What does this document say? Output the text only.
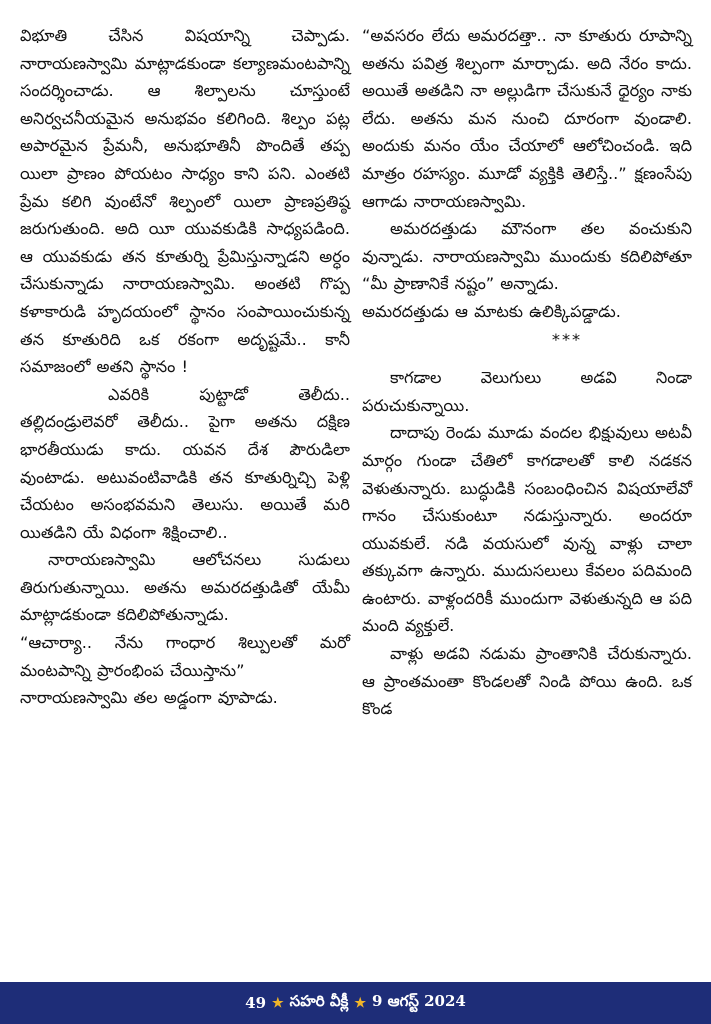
విభూతి చేసిన విషయాన్ని చెప్పాడు. నారాయణస్వామి మాట్లాడకుండా కల్యాణమంటపాన్ని సందర్శించాడు. ఆ శిల్పాలను చూస్తుంటే అనిర్వచనీయమైన అనుభవం కలిగింది. శిల్పం పట్ల అపారమైన ప్రేమనీ, అనుభూతినీ పొందితే తప్ప యిలా ప్రాణం పోయటం సాధ్యం కాని పని. ఎంతటి ప్రేమ కలిగి వుంటేనో శిల్పంలో యిలా ప్రాణప్రతిష్ఠ జరుగుతుంది. అది యీ యువకుడికి సాధ్యపడింది. ఆ యువకుడు తన కూతుర్ని ప్రేమిస్తున్నాడని అర్ధం చేసుకున్నాడు నారాయణస్వామి. అంతటి గొప్ప కళాకారుడి హృదయంలో స్థానం సంపాయించుకున్న తన కూతురిది ఒక రకంగా అదృష్టమే.. కానీ సమాజంలో అతని స్థానం !

ఎవరికి పుట్టాడో తెలీదు.. తల్లిదండ్రులెవరో తెలీదు.. పైగా అతను దక్షిణ భారతీయుడు కాదు. యవన దేశ పౌరుడిలా వుంటాడు. అటువంటివాడికి తన కూతుర్నిచ్చి పెళ్లి చేయటం అసంభవమని తెలుసు. అయితే మరి యితడిని యే విధంగా శిక్షించాలి..

నారాయణస్వామి ఆలోచనలు సుడులు తిరుగుతున్నాయి. అతను అమరదత్తుడితో యేమీ మాట్లాడకుండా కదిలిపోతున్నాడు.

“ఆచార్యా.. నేను గాంధార శిల్పులతో మరో మంటపాన్ని ప్రారంభింప చేయిస్తాను”

నారాయణస్వామి తల అడ్డంగా వూపాడు.

“అవసరం లేదు అమరదత్తా.. నా కూతురు రూపాన్ని అతను పవిత్ర శిల్పంగా మార్చాడు. అది నేరం కాదు. అయితే అతడిని నా అల్లుడిగా చేసుకునే ధైర్యం నాకు లేదు. అతను మన నుంచి దూరంగా వుండాలి. అందుకు మనం యేం చేయాలో ఆలోచించండి. ఇది మాత్రం రహస్యం. మూడో వ్యక్తికి తెలిస్తే..” క్షణంసేపు ఆగాడు నారాయణస్వామి.

అమరదత్తుడు మౌనంగా తల వంచుకుని వున్నాడు. నారాయణస్వామి ముందుకు కదిలిపోతూ “మీ ప్రాణానికే నష్టం” అన్నాడు.

అమరదత్తుడు ఆ మాటకు ఉలిక్కిపడ్డాడు.

***

కాగడాల వెలుగులు అడవి నిండా పరుచుకున్నాయి.

దాదాపు రెండు మూడు వందల భిక్షువులు అటవీ మార్గం గుండా చేతిలో కాగడాలతో కాలి నడకన వెళుతున్నారు. బుద్ధుడికి సంబంధించిన విషయాలేవో గానం చేసుకుంటూ నడుస్తున్నారు. అందరూ యువకులే. నడి వయసులో వున్న వాళ్లు చాలా తక్కువగా ఉన్నారు. ముదుసలులు కేవలం పదిమంది ఉంటారు. వాళ్లందరికీ ముందుగా వెళుతున్నది ఆ పది మంది వ్యక్తులే.

వాళ్లు అడవి నడుమ ప్రాంతానికి చేరుకున్నారు. ఆ ప్రాంతమంతా కొండలతో నిండి పోయి ఉంది. ఒక కొండ

49 ★ సహరి వీక్లీ ★ 9 ఆగస్ట్ 2024
